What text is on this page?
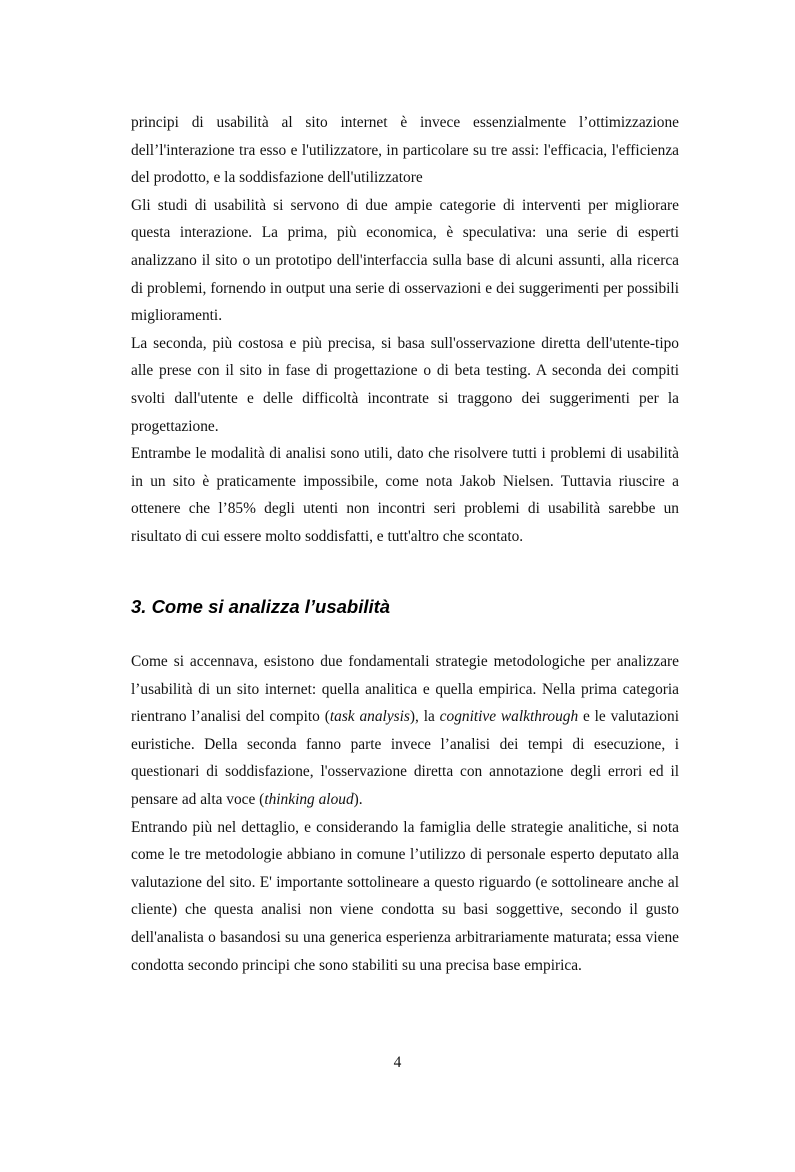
principi di usabilità al sito internet è invece essenzialmente l’ottimizzazione dell’l'interazione tra esso e l'utilizzatore, in particolare su tre assi: l'efficacia, l'efficienza del prodotto, e la soddisfazione dell'utilizzatore

Gli studi di usabilità si servono di due ampie categorie di interventi per migliorare questa interazione. La prima, più economica, è speculativa: una serie di esperti analizzano il sito o un prototipo dell'interfaccia sulla base di alcuni assunti, alla ricerca di problemi, fornendo in output una serie di osservazioni e dei suggerimenti per possibili miglioramenti.

La seconda, più costosa e più precisa, si basa sull'osservazione diretta dell'utente-tipo alle prese con il sito in fase di progettazione o di beta testing. A seconda dei compiti svolti dall'utente e delle difficoltà incontrate si traggono dei suggerimenti per la progettazione.

Entrambe le modalità di analisi sono utili, dato che risolvere tutti i problemi di usabilità in un sito è praticamente impossibile, come nota Jakob Nielsen. Tuttavia riuscire a ottenere che l’85% degli utenti non incontri seri problemi di usabilità sarebbe un risultato di cui essere molto soddisfatti, e tutt'altro che scontato.

3. Come si analizza l’usabilità

Come si accennava, esistono due fondamentali strategie metodologiche per analizzare l’usabilità di un sito internet: quella analitica e quella empirica. Nella prima categoria rientrano l’analisi del compito (task analysis), la cognitive walkthrough e le valutazioni euristiche. Della seconda fanno parte invece l’analisi dei tempi di esecuzione, i questionari di soddisfazione, l'osservazione diretta con annotazione degli errori ed il pensare ad alta voce (thinking aloud).

Entrando più nel dettaglio, e considerando la famiglia delle strategie analitiche, si nota come le tre metodologie abbiano in comune l’utilizzo di personale esperto deputato alla valutazione del sito. E' importante sottolineare a questo riguardo (e sottolineare anche al cliente) che questa analisi non viene condotta su basi soggettive, secondo il gusto dell'analista o basandosi su una generica esperienza arbitrariamente maturata; essa viene condotta secondo principi che sono stabiliti su una precisa base empirica.

4
